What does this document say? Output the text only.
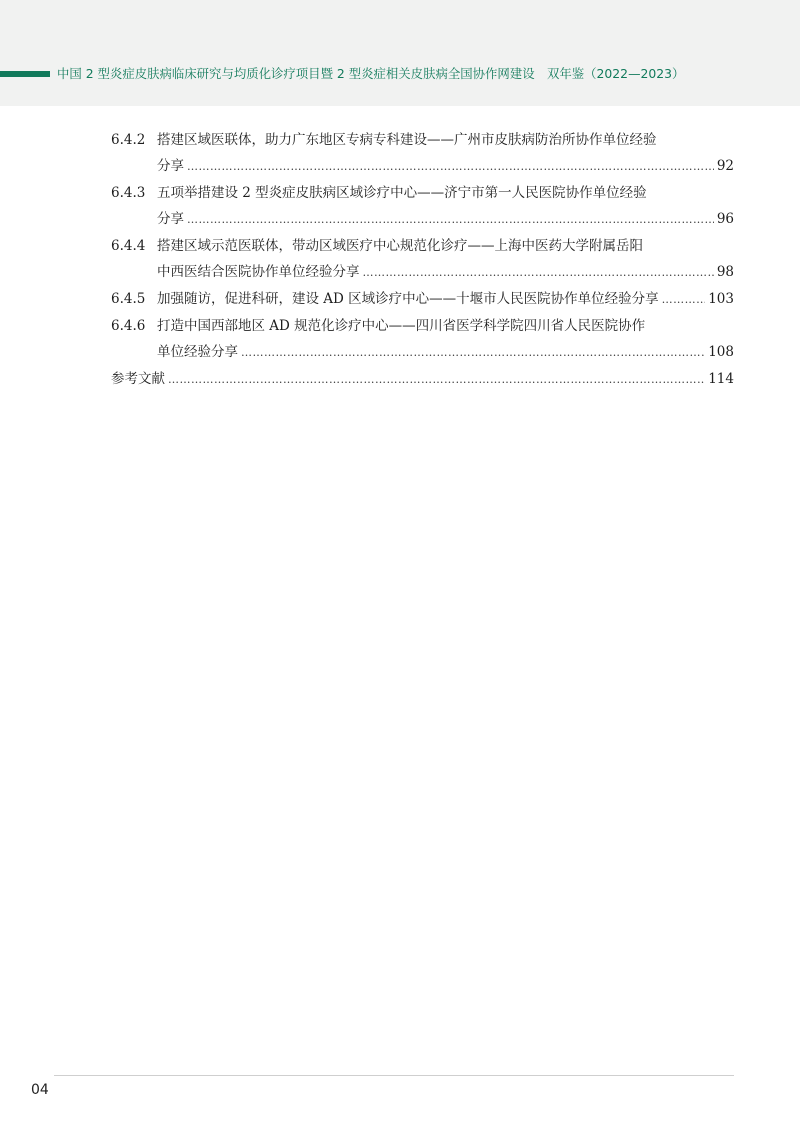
中国 2 型炎症皮肤病临床研究与均质化诊疗项目暨 2 型炎症相关皮肤病全国协作网建设　双年鉴（2022—2023）
6.4.2 搭建区域医联体，助力广东地区专病专科建设——广州市皮肤病防治所协作单位经验
分享 ……………………………………………………………………………………………………………………………………………………………………………	92
6.4.3 五项举措建设 2 型炎症皮肤病区域诊疗中心——济宁市第一人民医院协作单位经验
分享 ……………………………………………………………………………………………………………………………………………………………………………	96
6.4.4 搭建区域示范医联体，带动区域医疗中心规范化诊疗——上海中医药大学附属岳阳
中西医结合医院协作单位经验分享 ……………………………………………………………………………………………………………………………………………………………………………	98
6.4.5 加强随访，促进科研，建设 AD 区域诊疗中心——十堰市人民医院协作单位经验分享 ……………………………………………………………………………………………………………………………………………………………………………	103
6.4.6 打造中国西部地区 AD 规范化诊疗中心——四川省医学科学院四川省人民医院协作
单位经验分享 ……………………………………………………………………………………………………………………………………………………………………………	108
参考文献 ……………………………………………………………………………………………………………………………………………………………………………	114
04
